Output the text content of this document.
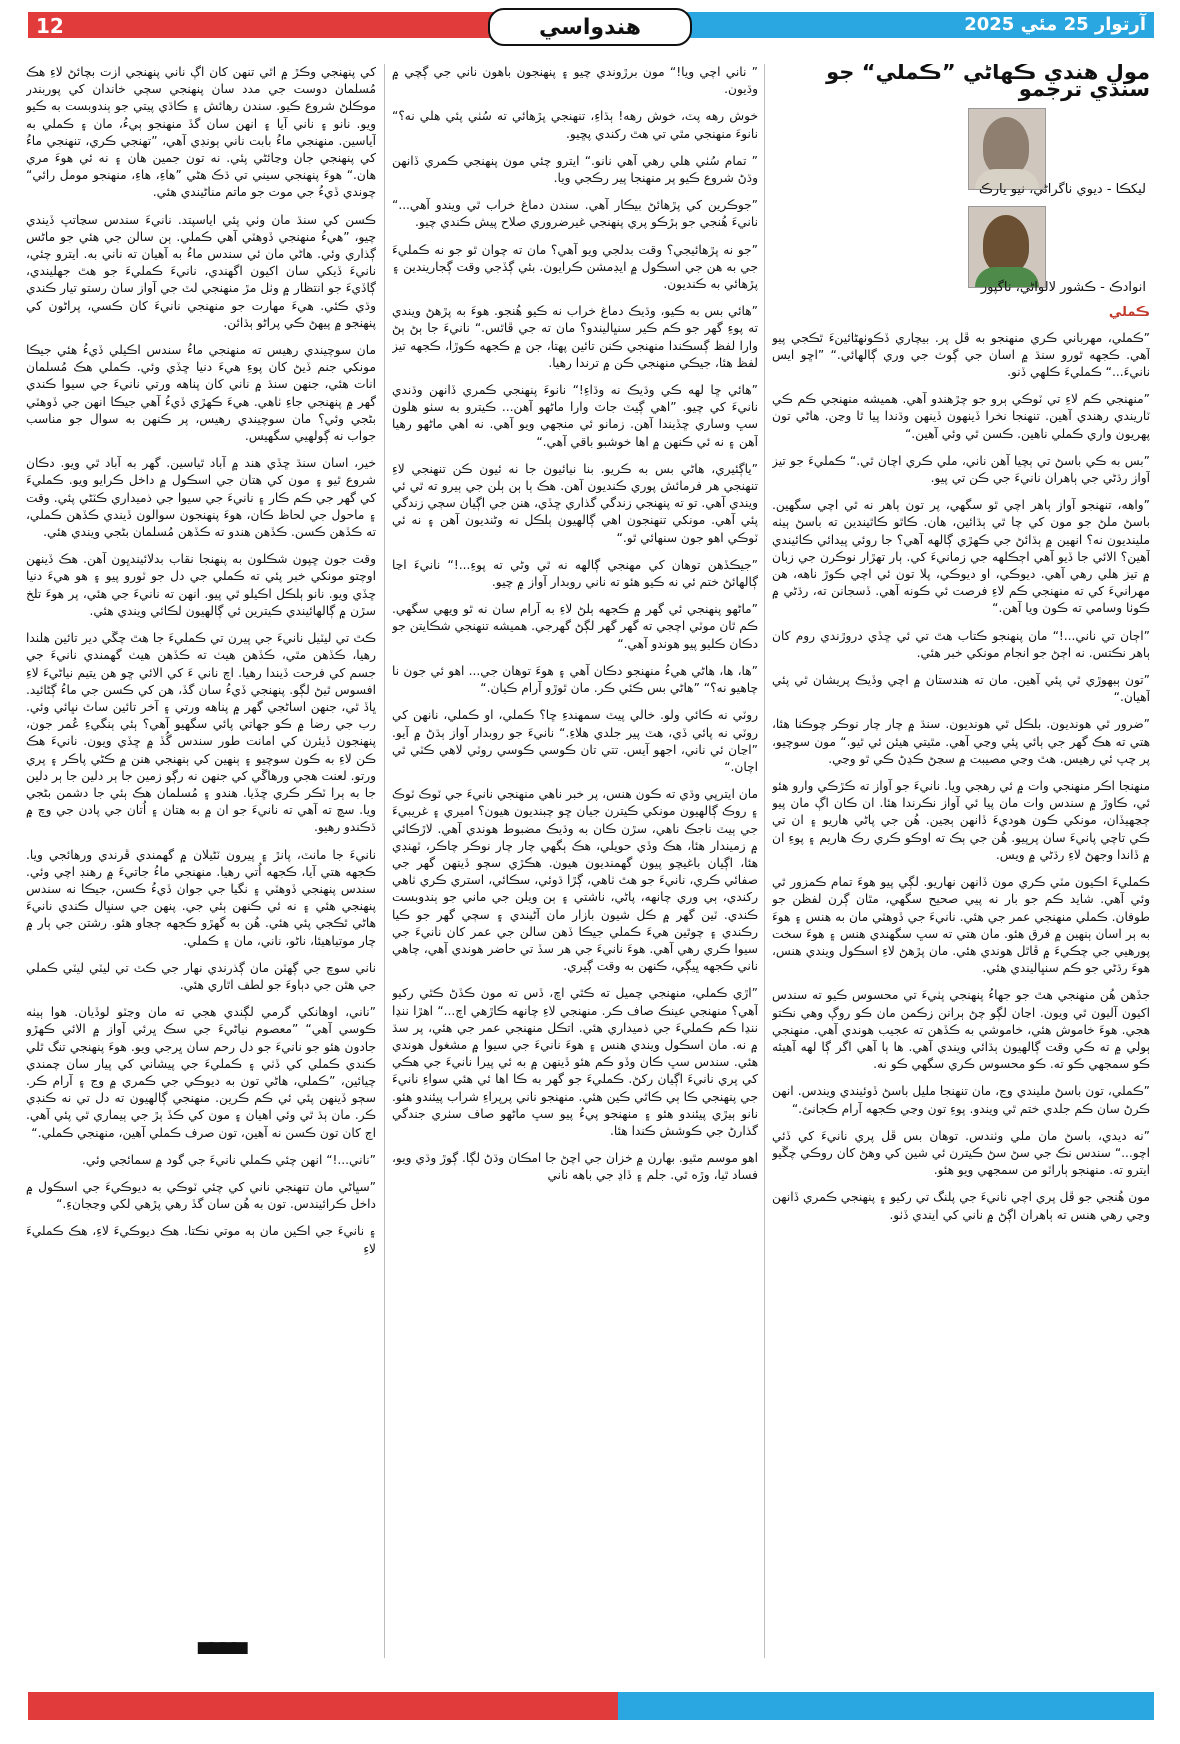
12	هندواسي	آرتوار 25 مئي 2025
مول هندي ڪهاڻي ”ڪملي“ جو سنڌي ترجمو
ليکڪا - ديوي ناگراڻي، نيو يارڪ
انوادڪ - ڪشور لالواڻي، ناگپور
ڪملي

”ڪملي، مهرباني ڪري منهنجو به ڦل پر. بيچاري ڏڪوٺهڻائينءَ ٿڪجي پيو آهي. ڪجهه ٿورو سنڌ ۾ اسان جي ڳوٺ جي وري ڳالهائي.“ ”اڇو ايس نانيءَ...“ ڪمليءَ ڪلهي ڏنو.

”منهنجي ڪم لاءِ تي ٽوڪي ٻرو جو چڙهندو آهي. هميشه منهنجي ڪم ڪي ٽاريندي رهندي آهين. تنهنجا نخرا ڏينهون ڏينهن وڌندا پيا ٿا وڃن. هاڻي تون پهريون واري ڪملي ناهين. ڪسن ٿي وئي آهين.“

”بس به ڪي باسڻ تي ٻچيا آهن ناني، ملي ڪري اچان ٿي.“ ڪمليءَ جو تيز آواز رڌڻي جي ٻاهران نانيءَ جي ڪن تي پيو.

”واهه، تنهنجو آواز ٻاهر اچي ٿو سگهي، پر تون ٻاهر نه ٿي اچي سگهين. باسڻ ملڻ جو مون کي چا ٿي ٻڌائين، هان. ڪاٿو ڪاٿيندين ته باسڻ ٻيٺه ملينديون نه؟ انهين ۾ ٻڌائڻ جي ڪهڙي ڳالهه آهي؟ جا روئي پيدائي ڪائيندي آهين؟ الائي جا ڏيو آهي اڄڪلهه جي زمانيءَ کي. ٻار تهڙار نوڪرن جي زبان ۾ تيز هلي رهي آهي. ديوڪي، او ديوڪي، پلا تون ئي اچي ڪوڙ ناهه، هن مهرانيءَ کي ته منهنجي ڪم لاءِ فرصت ئي ڪونه آهي. ڏسجانن ته، رڌڻي ۾ ڪوٺا وسامي ته ڪون ويا آهن.“

”اڄان تي ناني...!“ مان پنهنجو ڪتاب هٿ تي ئي ڇڏي دروڙندي روم کان ٻاهر نڪتس. نه اڄڻ جو انجام مونکي خبر هئي.

”تون ٻبهوڙي ٿي پئي آهين. مان ته هندستان ۾ اچي وڏيڪ پريشان ٿي پئي آهيان.“

”ضرور ٿي هونديون. بلڪل ٿي هونديون. سنڌ ۾ چار چار نوڪر چوڪنا هئا، هتي ته هڪ گهر جي ٻائي پئي وڃي آهي. مٿيتي هيئن ئي ٿيو.“ مون سوچيو، پر چپ ئي رهيس. هٿ وڃي مصيبت ۾ سڃڻ ڪڍڻ ڪي ٿو وڃي.

منهنجا اڪر منهنجي وات ۾ ئي رهجي ويا. نانيءَ جو آواز ته ڪڙڪي وارو هئو ئي، ڪاوڙ ۾ سندس وات مان پيا ئي آواز نڪرندا هئا. ان ڪان اڳ مان پيو ڄڃهيڏان، مونکي ڪون هوديءَ ڏانهن ٻڃين. هُن جي پاڻي هاريو ۽ ان تي ڪي تاچي پانيءَ سان پرپيو. هُن جي ٻڪ ته اوڪو ڪري رڪ هاريم ۽ پوءِ ان ۾ ڏاندا وجهڻ لاءِ رڌڻي ۾ ويس.

ڪمليءَ اڪيون مٽي ڪري مون ڏانهن نهاريو. لڳي پيو هوءَ تمام ڪمزور ٿي وئي آهي. شايد ڪم جو بار نه پيي صحيح سگهي، مٿان ڳرن لفظن جو طوفان. ڪملي منهنجي عمر جي هئي. نانيءَ جي ڏوهٽي مان به هنس ۽ هوءَ به ٻر اسان ٻنهين ۾ فرق هئو. مان هتي ته سڀ سگهندي هنس ۽ هوءَ سخت پورهيي جي چڪيءَ ۾ ڦاٿل هوندي هئي. مان پڙهڻ لاءِ اسڪول ويندي هنس، هوءَ رڌڻي جو ڪم سنڀاليندي هئي.

جڏهن هُن منهنجي هٿ جو جهاءُ پنهنجي پٺيءَ تي محسوس ڪيو ته سندس اکيون آليون ٿي ويون. اڃان لڳو چڻ ٻرانن زڪمن مان ڪو روڳ وهي نڪتو هجي. هوءَ خاموش هئي، خاموشي به ڪڏهن ته عجيب هوندي آهي. منهنجي ٻولي ۾ ته ڪي وقت ڳالهيون ٻڌائي ويندي آهي. ها ٻا آهي اگر ڳا لهه آهيئه ڪو سمجهي ڪو ته. ڪو محسوس ڪري سگهي ڪو نه.

”ڪملي، تون باسڻ مليندي وڃ، مان تنهنجا مليل باسڻ ڏوئيندي ويندس. انهن ڪرڻ سان ڪم جلدي ختم ٿي ويندو. پوءِ تون وڃي ڪجهه آرام ڪجانئ.“

”نه ديدي، باسڻ مان ملي وٺندس. توهان بس ڦل پري نانيءَ کي ڏئي اچو...“ سندس نڪ جي سڻ سڻ ڪيترن ئي شين کي وهڻ کان روڪي چڱيو ايترو ته. منهنجو ٻاراٽو من سمجهي ويو هئو.

مون هُنجي جو ڦل پري اچي نانيءَ جي پلنگ تي رکيو ۽ پنهنجي ڪمري ڏانهن وڃي رهي هنس ته ٻاهران اڳڻ ۾ ناني کي ايندي ڏٺو.

” ناني اچي ويا!“ مون برڙوندي چيو ۽ پنهنجون باهون ناني جي ڳچي ۾ وڌيون.

خوش رهه پٽ، خوش رهه! ٻڌاءِ، تنهنجي پڙهائي ته سُٺي پئي هلي نه؟“ نانوءَ منهنجي مٿي تي هٿ رکندي پڇيو.

” تمام سُٺي هلي رهي آهي نانو.“ ايترو چئي مون پنهنجي ڪمري ڏانهن وڌڻ شروع ڪيو پر منهنجا پير رڪجي ويا.

”جوڪرين کي پڙهائڻ بيڪار آهي. سندن دماغ خراب ٿي ويندو آهي...“ نانيءَ هُنجي جو ٻڙڪو پري پنهنجي غيرضروري صلاح پيش ڪندي چيو.

”جو نه پڙهائيجي؟ وقت بدلجي ويو آهي؟ مان ته چوان ٿو جو نه ڪمليءَ جي به هن جي اسڪول ۾ ايڊمشن ڪرايون. بئي ڳڏجي وقت ڳجاريندين ۽ پڙهائي به ڪنديون.

”هائي بس به ڪيو، وڌيڪ دماغ خراب نه ڪيو هُنجو. هوءَ به پڙهڻ ويندي ته پوءِ گهر جو ڪم ڪير سنڀاليندو؟ مان ته جي ڦاٿس.“ نانيءَ جا ٻڻ ٻڻ وارا لفظ ڳسڪندا منهنجي ڪنن تائين پهتا، جن ۾ ڪجهه ڪوڙا، ڪجهه تيز لفظ هئا، جيڪي منهنجي ڪن ۾ ترندا رهيا.

”هائي ڇا لهه ڪي وڌيڪ نه وڌاءِ!“ نانوءَ پنهنجي ڪمري ڏانهن وڌندي نانيءَ کي چيو. ”اهي ڳيٽ جاٽ وارا ماڻهو آهن... ڪيترو به سٺو هلون سڀ وساري ڇڏيندا آهن. زمانو ئي منجهي ويو آهي. نه اهي ماڻهو رهيا آهن ۽ نه ئي ڪنهن ۾ اها خوشبو باقي آهي.“

”ياڳئيري، هاڻي بس به ڪريو. بنا نيائيون جا نه ئيون ڪن تنهنجي لاءِ تنهنجي هر فرمائش پوري ڪنديون آهن. هڪ ٻا ٻن ٻلن جي ٻيرو ته ٿي ئي ويندي آهي. تو ته پنهنجي زندگي گذاري ڇڏي، هنن جي اڳيان سڄي زندگي پئي آهي. مونکي تنهنجون اهي ڳالهيون ٻلڪل نه وڻنديون آهن ۽ نه ئي ٽوڪي اهو جون سنهائي ٿو.“

”جيڪڏهن توهان کي مهنجي ڳالهه نه ٿي وڻي ته پوءِ...!“ نانيءَ اڃا ڳالهائڻ ختم ئي نه ڪيو هئو ته ناني روبدار آواز ۾ چيو.

”ماڻهو پنهنجي ئي گهر ۾ ڪجهه ٻلڻ لاءِ به آرام سان نه ٿو ويهي سگهي. ڪم ٿان موٽي اچجي ته گهر گهر لڳڻ گهرجي. هميشه تنهنجي شڪايتن جو دڪان ڪليو پيو هوندو آهي.“

”ها، ها، هاڻي هيءُ منهنجو دڪان آهي ۽ هوءَ توهان جي... اهو ئي جون نا چاهيو نه؟“ ”هاڻي بس ڪئي ڪر. مان ٿوڙو آرام ڪيان.“

روٽي نه ڪائي ولو. خالي پيٽ سمهندءِ ڇا؟ ڪملي، او ڪملي، نانهن کي روٽي نه پائي ڏي، هٽ پير جلدي هلاءِ.“ نانيءَ جو روبدار آواز ٻڌڻ ۾ آيو. ”اڃان ئي ناني، اجهو آيس. تتي تان ڪوسي ڪوسي روٽي لاهي ڪٽي ٿي اچان.“

مان ايترپي وڌي ته ڪون هنس، پر خبر ناهي منهنجي نانيءَ جي ٽوڪ ٽوڪ ۽ روڪ ڳالهيون مونکي ڪيترن جيان ڇو چبنديون هيون؟ اميري ۽ غريبيءَ جي ٻيٽ ناجڪ ناهي، سڙن ڪان به وڌيڪ مضبوط هوندي آهي. لاڙڪائي ۾ زميندار هئا، هڪ وڏي حويلي، هڪ ٻگهي چار چار نوڪر چاڪر، ٽهنڊي هئا، اڳيان باغيچو پيون گهمنديون هيون. هڪڙي سڄو ڏينهن گهر جي صفائي ڪري، نانيءَ جو هٿ ٺاهي، ڳڙا ڌوئي، سڪائي، استري ڪري ٺاهي رکندي، ٻي وري چانهه، پاڻي، ناشتي ۽ ٻن ويلن جي ماني جو ٻندوبست ڪندي. ٽين گهر ۾ ڪل شيون بازار مان آڻيندي ۽ سڄي گهر جو ڪيا رڪندي ۽ چوٿين هيءَ ڪملي جيڪا ڏهن سالن جي عمر کان نانيءَ جي سيوا ڪري رهي آهي. هوءَ نانيءَ جي هر سڏ تي حاضر هوندي آهي، چاهي ناني ڪجهه ڀيڳي، ڪنهن به وقت ڳيري.

”اڙي ڪملي، منهنجي چميل ته ڪٿي اڇ، ڏس ته مون ڪڏڻ ڪٿي رکيو آهي؟ منهنجي عينڪ صاف ڪر. منهنجي لاءِ چانهه ڪاڙهي اچ...“ اهڙا ننڍا ننڍا ڪم ڪمليءَ جي ذميداري هئي. اتڪل منهنجي عمر جي هئي، پر سڌ ۾ نه. مان اسڪول ويندي هنس ۽ هوءَ نانيءَ جي سيوا ۾ مشغول هوندي هئي. سندس سڀ ڪان وڏو ڪم هئو ڏينهن ۾ به ئي پيرا نانيءَ جي هڪي کي پري نانيءَ اڳيان رکڻ. ڪمليءَ جو گهر به ڪا اها ئي هئي سواءِ نانيءَ جي پنهنجي ڪا ٻي ڪاٿي ڪين هئي. منهنجو ناني پرپراءِ شراب پيئندو هئو. نانو ٻيڙي پيئندو هئو ۽ منهنجو پيءُ پيو سڀ ماڻهو صاف سٺري جندگي گذارڻ جي ڪوشش ڪندا هئا.

اهو موسم مٿيو. بهارن ۾ خزان جي اچڻ جا امڪان وڌڻ لڳا. ڳوڙ وڌي ويو، فساد ٿيا، وڙه ٿي. جلم ۽ ڏاڍ جي باهه ناني

کي پنهنجي وڪڙ ۾ اٿي تنهن کان اڳ ناني پنهنجي ازت بچائڻ لاءِ هڪ مُسلمان دوست جي مدد سان پنهنجي سڄي خاندان کي پوربندر موڪلڻ شروع ڪيو. سندن رهائش ۽ ڪاڌي پيتي جو ٻندوبست به ڪيو ويو. نانو ۽ ناني آيا ۽ انهن سان گڏ منهنجو ٻيءُ، مان ۽ ڪملي به آياسين. منهنجي ماءُ بابت ناني ٻونڊي آهي، ”تهنجي ڪري، تنهنجي ماءُ کي پنهنجي جان وڃائڻي پئي. نه تون جمين هان ۽ نه ئي هوءَ مري هان.“ هوءَ پنهنجي سيني تي ڌڪ هڻي ”هاءِ، هاءِ، منهنجو مومل رائي“ چوندي ڏيءُ جي موت جو ماتم مناڻيندي هئي.

ڪسن کي سنڌ مان وٺي پئي اياسپتد. نانيءَ سندس سڃاتپ ڏيندي چيو، ”هيءُ منهنجي ڏوهٽي آهي ڪملي. ٻن سالن جي هئي جو ماڻس ڳذاري وئي. هاڻي مان ئي سندس ماءُ به آهيان ته ناني به. ايترو چئي، نانيءَ ڏيکي سان اکيون اگهندي، نانيءَ ڪمليءَ جو هٿ جهليندي، ڳاڏيءَ جو انتظار ۾ وٺل مڙ منهنجي لٽ جي آواز سان رستو تيار ڪندي وڌي ڪئي. هيءَ مهارت جو منهنجي نانيءَ کان ڪسي، پراڻون کي پنهنجو ۾ پيهڻ ڪي پراڻو ٻڌائن.

مان سوچيندي رهيس ته منهنجي ماءُ سندس اڪيلي ڏيءُ هئي جيڪا مونکي جنم ڏيڻ کان پوءِ هيءَ دنيا ڇڏي وئي. ڪملي هڪ مُسلمان انات هئي، جنهن سنڌ ۾ ناني کان پناهه ورتي نانيءَ جي سيوا ڪندي گهر ۾ پنهنجي جاءِ ٺاهي. هيءَ ڪهڙي ڏيءُ آهي جيڪا انهن جي ڏوهٽي بڻجي وئي؟ مان سوچيندي رهيس، پر ڪنهن به سوال جو مناسب جواب نه ڳولهيي سگهيس.

خير، اسان سنڌ ڇڏي هند ۾ آباد ٿياسين. گهر به آباد ٿي ويو. دڪان شروع ٿيو ۽ مون کي هتان جي اسڪول ۾ داخل ڪرايو ويو. ڪمليءَ کي گهر جي ڪم ڪار ۽ نانيءَ جي سيوا جي ذميداري ڪٽڻي پئي. وقت ۽ ماحول جي لحاظ ڪان، هوءَ پنهنجون سوالون ڏيندي ڪڏهن ڪملي، ته ڪڏهن ڪسن. ڪڏهن هندو ته ڪڏهن مُسلمان بڻجي ويندي هئي.

وقت جون ڇپون شڪلون به پنهنجا نقاب بدلائيندڀون آهن. هڪ ڏينهن اوچتو مونکي خبر پئي ته ڪملي جي دل جو ٽورو پيو ۽ هو هيءَ دنيا ڇڏي ويو. نانو ٻلڪل اڪيلو ٿي پيو. انهن ته نانيءَ جي هئي، پر هوءَ تلخ سڙن ۾ ڳالهائيندي ڪيترين ئي ڳالهيون لڪائي ويندي هئي.

ڪٿ تي ليٽيل نانيءَ جي پيرن تي ڪمليءَ جا هٿ چڱي دير تائين هلندا رهيا، ڪڏهن مٿي، ڪڏهن هيٺ ته ڪڏهن هيٺ گهمندي نانيءَ جي جسم کي فرحت ڏيندا رهيا. اچ ناني ءَ کي الائي ڇو هن يتيم نياڻيءَ لاءِ افسوس ٿيڻ لڳو. پنهنجي ڏيءُ سان گڏ، هن کي ڪسن جي ماءُ ڳڻائيد. ڀاڏ ٿي، جنهن اساڻجي گهر ۾ پناهه ورتي ۽ آخر تائين ساٿ نڀائي وئي. رب جي رضا ۾ ڪو جهاتي پائي سگهيو آهي؟ ٻئي ٻنگيءِ عُمر جون، پنهنجون ڏيئرن کي امانت طور سندس گُڏ ۾ ڇڏي ويون. نانيءَ هڪ ڪن لاءِ به ڪون سوچيو ۽ ٻنهين کي ٻنهنجي هنن ۾ ڪڻي پاڪر ۽ پري ورتو. لعنت هجي ورهاڱي کي جنهن نه رڳو زمين جا ٻر دلين جا ٻر دلين جا به ٻرا ٽڪر ڪري ڇڏيا. هندو ۽ مُسلمان هڪ ٻئي جا دشمن بڻجي ويا. سچ ته آهي ته نانيءَ جو ان ۾ به هتان ۽ اُتان جي پادن جي وچ ۾ ڌڪندو رهيو.

نانيءَ جا مانٽ، پانڙ ۽ پيرون ٽڻيلان ۾ گهمندي ڦرندي ورهائجي ويا. ڪجهه هتي آيا، ڪجهه اُتي رهيا. منهنجي ماءُ جاتيءَ ۾ رهنڊ اچي وئي. سندس پنهنجي ڏوهٽي ۽ نگيا جي جوان ڏيءُ ڪسن، جيڪا نه سندس پنهنجي هئي ۽ نه ئي ڪنهن ٻئي جي. پنهن جي سنڀال ڪندي نانيءَ هاڻي ٿڪجي پئي هئي. هُن به گهڙو ڪجهه ڄڃاو هئو. رشتن جي ٻار ۾ چار موتياهيئا، ناڻو، ناني، مان ۽ ڪملي.

ناني سوچ جي ڳهٽن مان ڳذرندي نهار جي ڪٽ تي ليٽي ليٽي ڪملي جي هٿن جي دٻاوءَ جو لطف اٿاري هئي.

”ناني، اوهانکي گرمي لڳندي هجي ته مان وڃٽو لوڏيان. هوا ٻيٺه ڪوسي آهي“ ”معصوم نياڻيءَ جي سڪ ڀرئي آواز ۾ الائي ڪهڙو جادون هئو جو نانيءَ جو دل رحم سان ڀرجي ويو. هوءَ پنهنجي تنگ ٿلي ڪندي ڪملي کي ڏٺي ۽ ڪمليءَ جي پيشاني کي پيار سان چمندي چيائين، ”ڪملي، هاڻي تون به ديوڪي جي ڪمري ۾ وڃ ۽ آرام ڪر. سڄو ڏينهن پئي ئي ڪم ڪرين. منهنجي ڳالهيون ته دل تي نه ڪنڊي ڪر. مان ٻڌ ٿي وئي اهيان ۽ مون کي ڪڏ ٻڙ جي ٻيماري ٿي پئي آهي. اڄ کان تون ڪسن نه آهين، تون صرف ڪملي آهين، منهنجي ڪملي.“

”ناني...!“ انهن چئي ڪملي نانيءَ جي گود ۾ سمائجي وئي.

”سڀاڻي مان تنهنجي ناني کي چئي ٽوڪي به ديوڪيءَ جي اسڪول ۾ داخل ڪرائيندس. تون به هُن سان گڏ رهي پڙهي لکي وڃجانءِ.“

۽ نانيءَ جي اڪين مان ٻه موتي نڪتا. هڪ ديوڪيءَ لاءِ، هڪ ڪمليءَ لاءِ

▄▄▄▄
